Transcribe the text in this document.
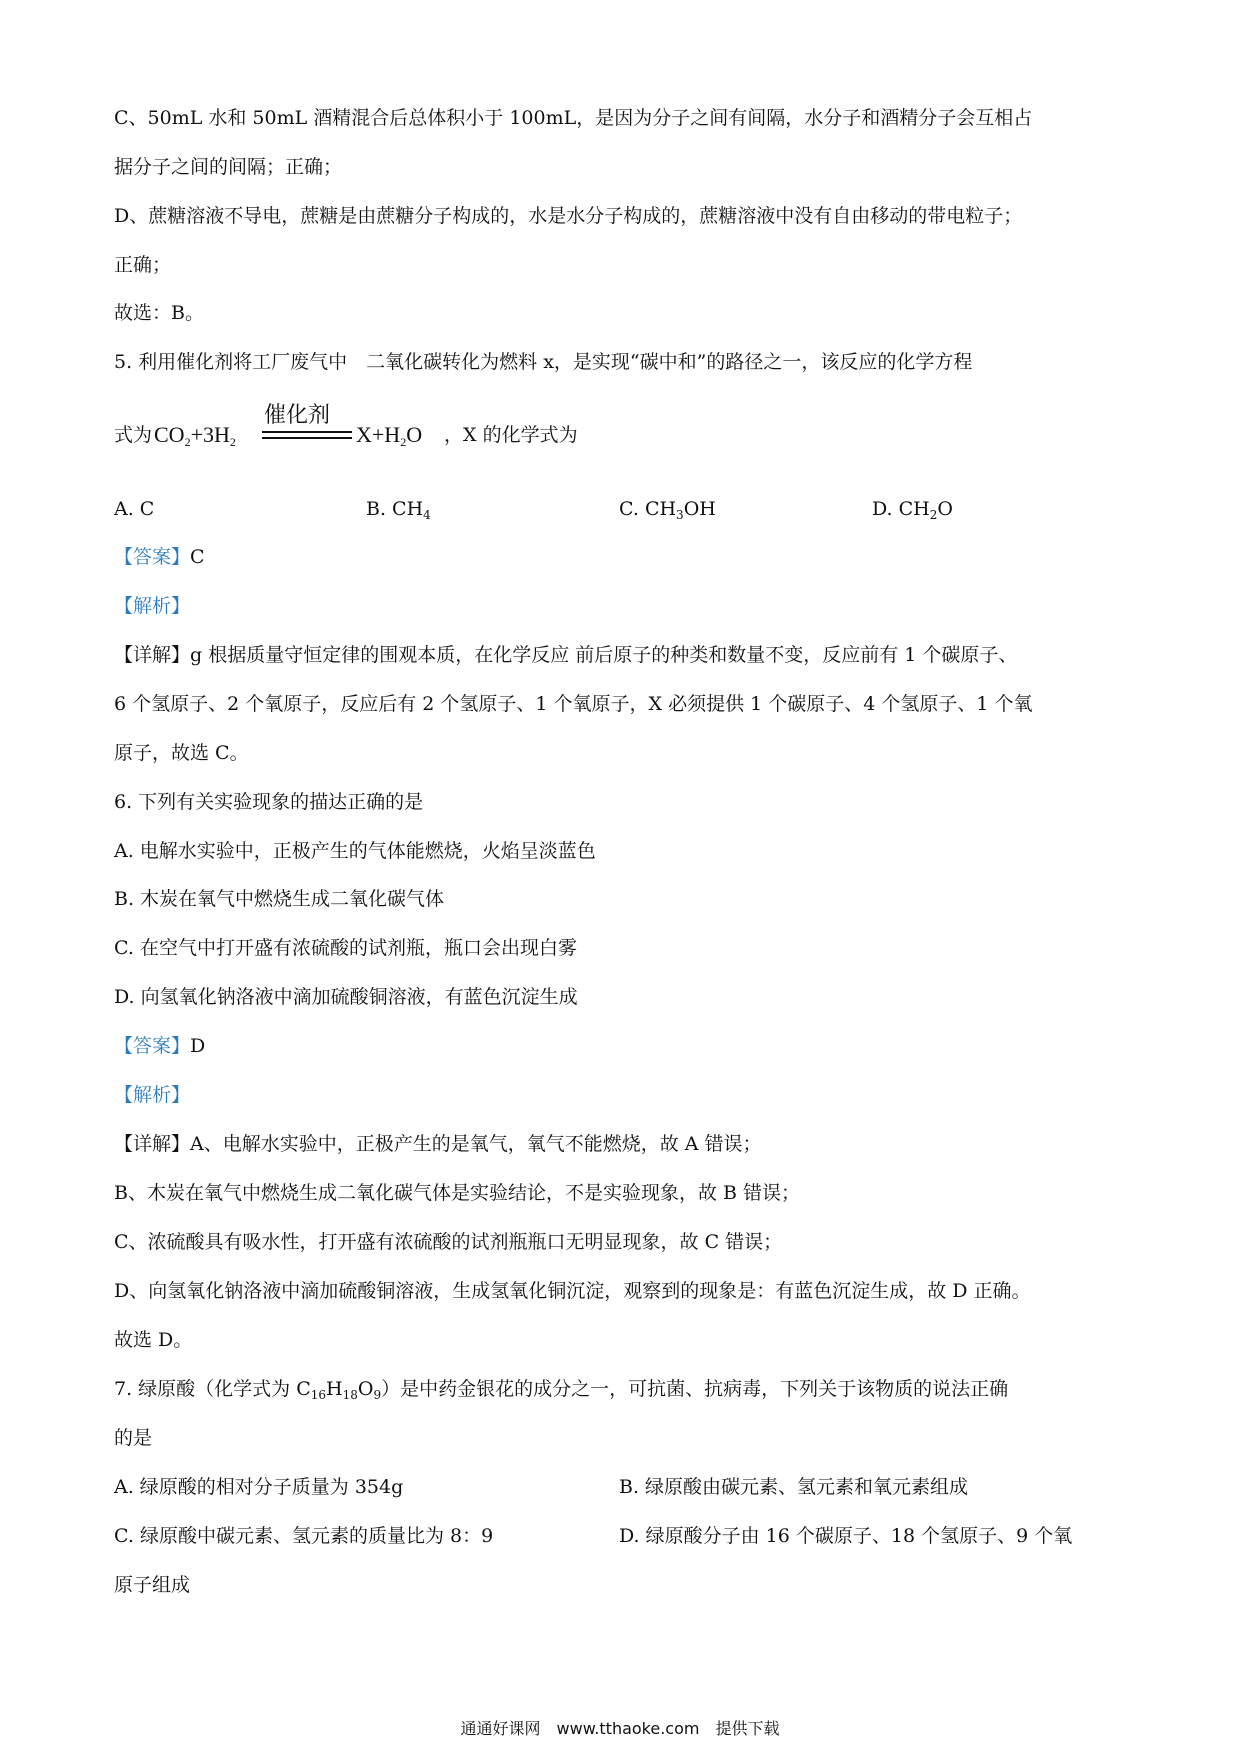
C、50mL 水和 50mL 酒精混合后总体积小于 100mL，是因为分子之间有间隔，水分子和酒精分子会互相占
据分子之间的间隔；正确；
D、蔗糖溶液不导电，蔗糖是由蔗糖分子构成的，水是水分子构成的，蔗糖溶液中没有自由移动的带电粒子；
正确；
故选：B。
5. 利用催化剂将工厂废气中　二氧化碳转化为燃料 x，是实现“碳中和”的路径之一，该反应的化学方程
式为 $CO_2+3H_2$
催化剂
$X+H_2O$ ，X 的化学式为
A. C	B. $CH_4$	C. $CH_3OH$	D. $CH_2O$
【答案】C
【解析】
【详解】g 根据质量守恒定律的围观本质，在化学反应 前后原子的种类和数量不变，反应前有 1 个碳原子、
6 个氢原子、2 个氧原子，反应后有 2 个氢原子、1 个氧原子，X 必须提供 1 个碳原子、4 个氢原子、1 个氧
原子，故选 C。
6. 下列有关实验现象的描达正确的是
A. 电解水实验中，正极产生的气体能燃烧，火焰呈淡蓝色
B. 木炭在氧气中燃烧生成二氧化碳气体
C. 在空气中打开盛有浓硫酸的试剂瓶，瓶口会出现白雾
D. 向氢氧化钠洛液中滴加硫酸铜溶液，有蓝色沉淀生成
【答案】D
【解析】
【详解】A、电解水实验中，正极产生的是氧气，氧气不能燃烧，故 A 错误；
B、木炭在氧气中燃烧生成二氧化碳气体是实验结论，不是实验现象，故 B 错误；
C、浓硫酸具有吸水性，打开盛有浓硫酸的试剂瓶瓶口无明显现象，故 C 错误；
D、向氢氧化钠洛液中滴加硫酸铜溶液，生成氢氧化铜沉淀，观察到的现象是：有蓝色沉淀生成，故 D 正确。
故选 D。
7. 绿原酸（化学式为 $C_{16}H_{18}O_9$）是中药金银花的成分之一，可抗菌、抗病毒，下列关于该物质的说法正确
的是
A. 绿原酸的相对分子质量为 354g	B. 绿原酸由碳元素、氢元素和氧元素组成
C. 绿原酸中碳元素、氢元素的质量比为 8：9	D. 绿原酸分子由 16 个碳原子、18 个氢原子、9 个氧
原子组成
通通好课网　www.tthaoke.com　提供下载
